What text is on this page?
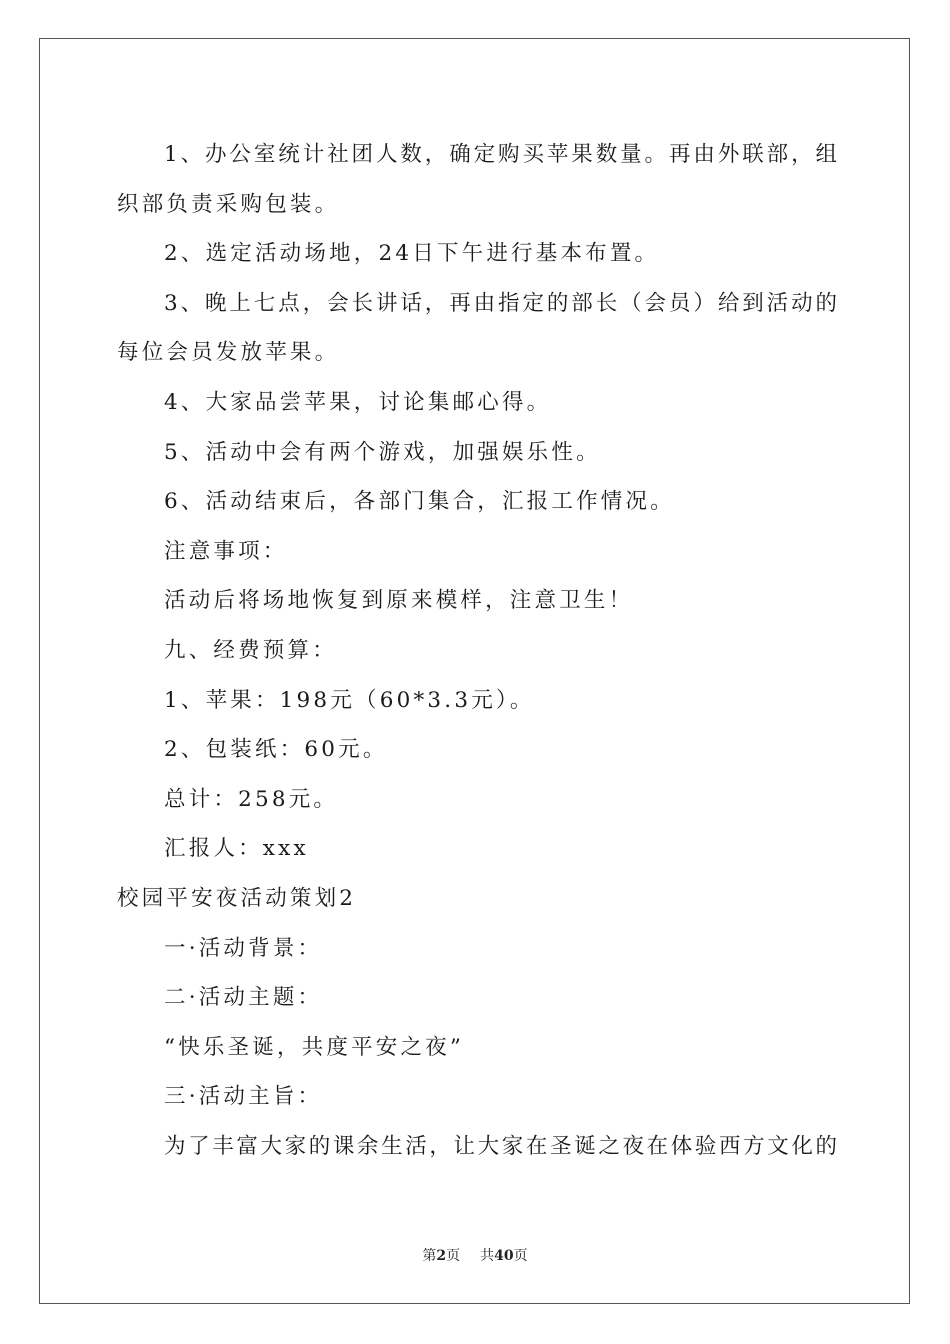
1、办公室统计社团人数，确定购买苹果数量。再由外联部，组
织部负责采购包装。
2、选定活动场地，24日下午进行基本布置。
3、晚上七点，会长讲话，再由指定的部长（会员）给到活动的
每位会员发放苹果。
4、大家品尝苹果，讨论集邮心得。
5、活动中会有两个游戏，加强娱乐性。
6、活动结束后，各部门集合，汇报工作情况。
注意事项：
活动后将场地恢复到原来模样，注意卫生！
九、经费预算：
1、苹果：198元（60*3.3元）。
2、包装纸：60元。
总计：258元。
汇报人：xxx
校园平安夜活动策划2
一·活动背景：
二·活动主题：
“快乐圣诞，共度平安之夜”
三·活动主旨：
为了丰富大家的课余生活，让大家在圣诞之夜在体验西方文化的
第2页 共40页
